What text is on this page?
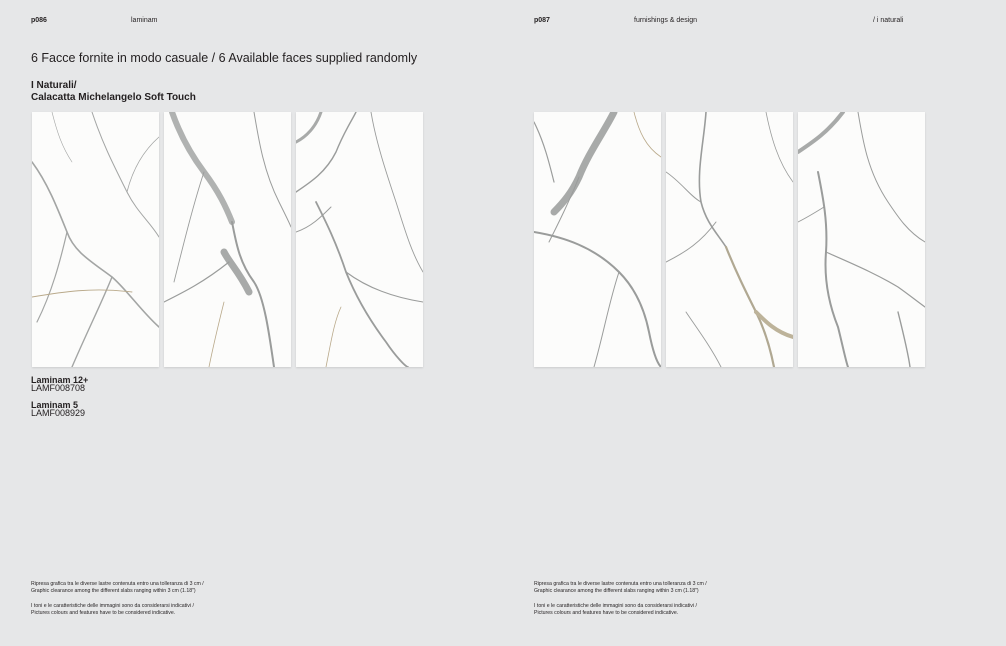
p086	laminam	p087	furnishings & design	/ i naturali
6 Facce fornite in modo casuale / 6 Available faces supplied randomly
I Naturali/
Calacatta Michelangelo Soft Touch
Laminam 12+
LAMF008708
Laminam 5
LAMF008929
Ripresa grafica tra le diverse lastre contenuta entro una tolleranza di 3 cm /
Graphic clearance among the different slabs ranging within 3 cm (1.18")
I toni e le caratteristiche delle immagini sono da considerarsi indicativi /
Pictures colours and features have to be considered indicative.
Ripresa grafica tra le diverse lastre contenuta entro una tolleranza di 3 cm /
Graphic clearance among the different slabs ranging within 3 cm (1.18")
I toni e le caratteristiche delle immagini sono da considerarsi indicativi /
Pictures colours and features have to be considered indicative.
